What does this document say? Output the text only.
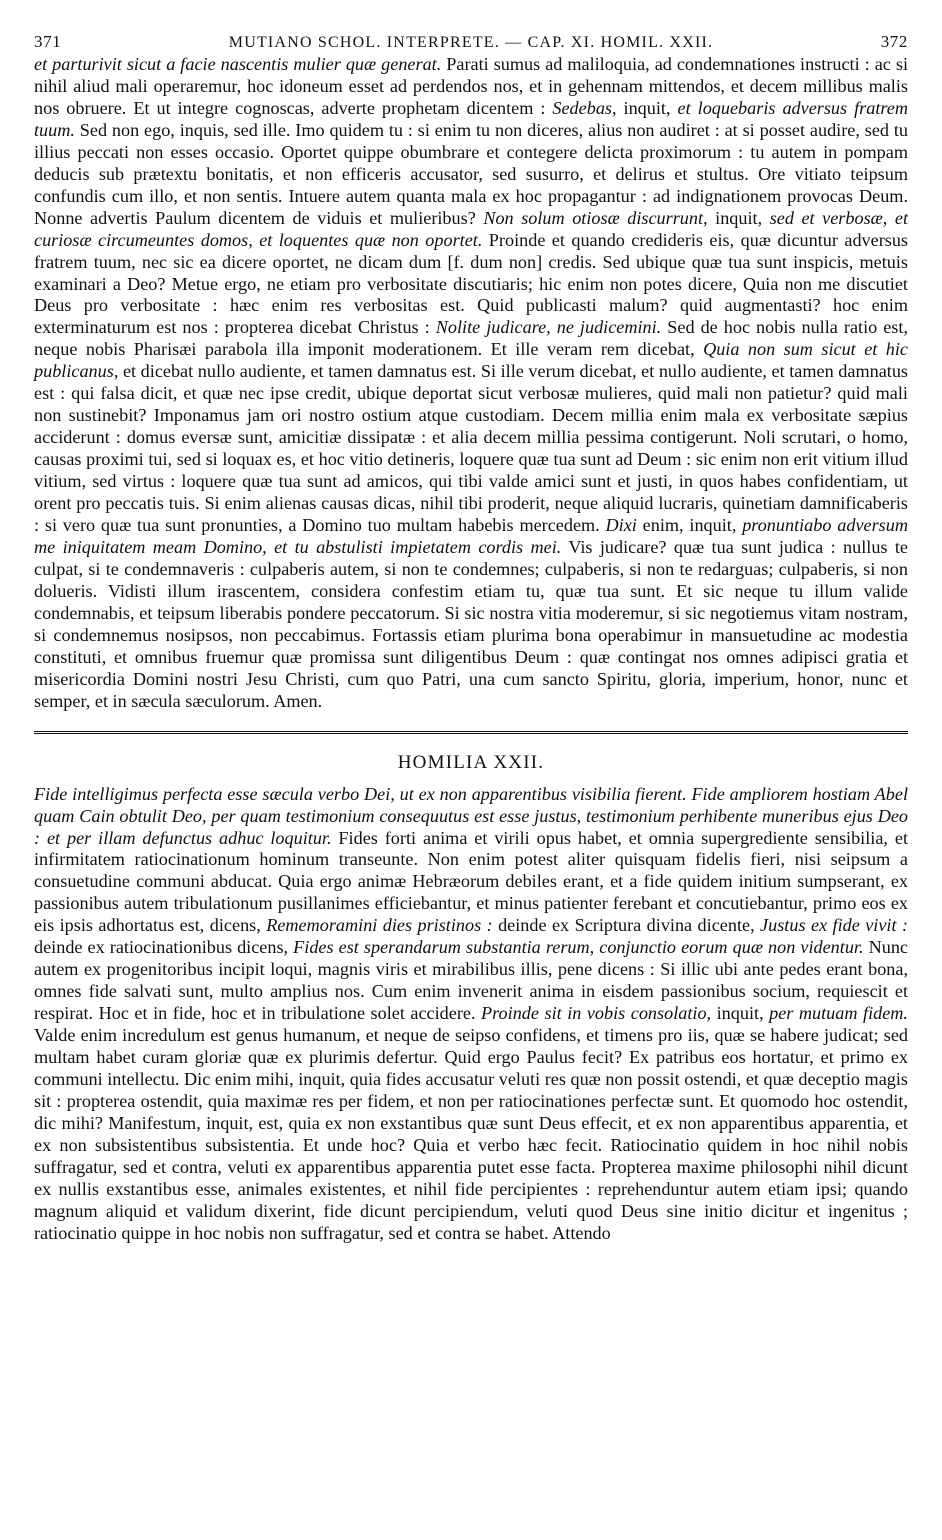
371	MUTIANO SCHOL. INTERPRETE. — CAP. XI. HOMIL. XXII.	372

et parturivit sicut a facie nascentis mulier quæ generat. Parati sumus ad maliloquia, ad condemnationes instructi : ac si nihil aliud mali operaremur, hoc idoneum esset ad perdendos nos, et in gehennam mittendos, et decem millibus malis nos obruere. Et ut integre cognoscas, adverte prophetam dicentem : Sedebas, inquit, et loquebaris adversus fratrem tuum. Sed non ego, inquis, sed ille. Imo quidem tu : si enim tu non diceres, alius non audiret : at si posset audire, sed tu illius peccati non esses occasio. Oportet quippe obumbrare et contegere delicta proximorum : tu autem in pompam deducis sub prætextu bonitatis, et non efficeris accusator, sed susurro, et delirus et stultus. Ore vitiato teipsum confundis cum illo, et non sentis. Intuere autem quanta mala ex hoc propagantur : ad indignationem provocas Deum. Nonne advertis Paulum dicentem de viduis et mulieribus? Non solum otiosæ discurrunt, inquit, sed et verbosæ, et curiosæ circumeuntes domos, et loquentes quæ non oportet. Proinde et quando credideris eis, quæ dicuntur adversus fratrem tuum, nec sic ea dicere oportet, ne dicam dum [f. dum non] credis. Sed ubique quæ tua sunt inspicis, metuis examinari a Deo? Metue ergo, ne etiam pro verbositate discutiaris; hic enim non potes dicere, Quia non me discutiet Deus pro verbositate : hæc enim res verbositas est. Quid publicasti malum? quid augmentasti? hoc enim exterminaturum est nos : propterea dicebat Christus : Nolite judicare, ne judicemini. Sed de hoc nobis nulla ratio est, neque nobis Pharisæi parabola illa imponit moderationem. Et ille veram rem dicebat, Quia non sum sicut et hic publicanus, et dicebat nullo audiente, et tamen damnatus est. Si ille verum dicebat, et nullo audiente, et tamen damnatus est : qui falsa dicit, et quæ nec ipse credit, ubique deportat sicut verbosæ mulieres, quid mali non patietur? quid mali non sustinebit? Imponamus jam ori nostro ostium atque custodiam. Decem millia enim mala ex verbositate sæpius acciderunt : domus eversæ sunt, amicitiæ dissipatæ : et alia decem millia pessima contigerunt. Noli scrutari, o homo, causas proximi tui, sed si loquax es, et hoc vitio detineris, loquere quæ tua sunt ad Deum : sic enim non erit vitium illud vitium, sed virtus : loquere quæ tua sunt ad amicos, qui tibi valde amici sunt et justi, in quos habes confidentiam, ut orent pro peccatis tuis. Si enim alienas causas dicas, nihil tibi proderit, neque aliquid lucraris, quinetiam damnificaberis : si vero quæ tua sunt pronunties, a Domino tuo multam habebis mercedem. Dixi enim, inquit, pronuntiabo adversum me iniquitatem meam Domino, et tu abstulisti impietatem cordis mei. Vis judicare? quæ tua sunt judica : nullus te culpat, si te condemnaveris : culpaberis autem, si non te condemnes; culpaberis, si non te redarguas; culpaberis, si non dolueris. Vidisti illum irascentem, considera confestim etiam tu, quæ tua sunt. Et sic neque tu illum valide condemnabis, et teipsum liberabis pondere peccatorum. Si sic nostra vitia moderemur, si sic negotiemus vitam nostram, si condemnemus nosipsos, non peccabimus. Fortassis etiam plurima bona operabimur in mansuetudine ac modestia constituti, et omnibus fruemur quæ promissa sunt diligentibus Deum : quæ contingat nos omnes adipisci gratia et misericordia Domini nostri Jesu Christi, cum quo Patri, una cum sancto Spiritu, gloria, imperium, honor, nunc et semper, et in sæcula sæculorum. Amen.

HOMILIA XXII.

Fide intelligimus perfecta esse sæcula verbo Dei, ut ex non apparentibus visibilia fierent. Fide ampliorem hostiam Abel quam Cain obtulit Deo, per quam testimonium consequutus est esse justus, testimonium perhibente muneribus ejus Deo : et per illam defunctus adhuc loquitur. Fides forti anima et virili opus habet, et omnia supergrediente sensibilia, et infirmitatem ratiocinationum hominum transeunte. Non enim potest aliter quisquam fidelis fieri, nisi seipsum a consuetudine communi abducat. Quia ergo animæ Hebræorum debiles erant, et a fide quidem initium sumpserant, ex passionibus autem tribulationum pusillanimes efficiebantur, et minus patienter ferebant et concutiebantur, primo eos ex eis ipsis adhortatus est, dicens, Rememoramini dies pristinos : deinde ex Scriptura divina dicente, Justus ex fide vivit : deinde ex ratiocinationibus dicens, Fides est sperandarum substantia rerum, conjunctio eorum quæ non videntur. Nunc autem ex progenitoribus incipit loqui, magnis viris et mirabilibus illis, pene dicens : Si illic ubi ante pedes erant bona, omnes fide salvati sunt, multo amplius nos. Cum enim invenerit anima in eisdem passionibus socium, requiescit et respirat. Hoc et in fide, hoc et in tribulatione solet accidere. Proinde sit in vobis consolatio, inquit, per mutuam fidem. Valde enim incredulum est genus humanum, et neque de seipso confidens, et timens pro iis, quæ se habere judicat; sed multam habet curam gloriæ quæ ex plurimis defertur. Quid ergo Paulus fecit? Ex patribus eos hortatur, et primo ex communi intellectu. Dic enim mihi, inquit, quia fides accusatur veluti res quæ non possit ostendi, et quæ deceptio magis sit : propterea ostendit, quia maximæ res per fidem, et non per ratiocinationes perfectæ sunt. Et quomodo hoc ostendit, dic mihi? Manifestum, inquit, est, quia ex non exstantibus quæ sunt Deus effecit, et ex non apparentibus apparentia, et ex non subsistentibus subsistentia. Et unde hoc? Quia et verbo hæc fecit. Ratiocinatio quidem in hoc nihil nobis suffragatur, sed et contra, veluti ex apparentibus apparentia putet esse facta. Propterea maxime philosophi nihil dicunt ex nullis exstantibus esse, animales existentes, et nihil fide percipientes : reprehenduntur autem etiam ipsi; quando magnum aliquid et validum dixerint, fide dicunt percipiendum, veluti quod Deus sine initio dicitur et ingenitus ; ratiocinatio quippe in hoc nobis non suffragatur, sed et contra se habet. Attendo
